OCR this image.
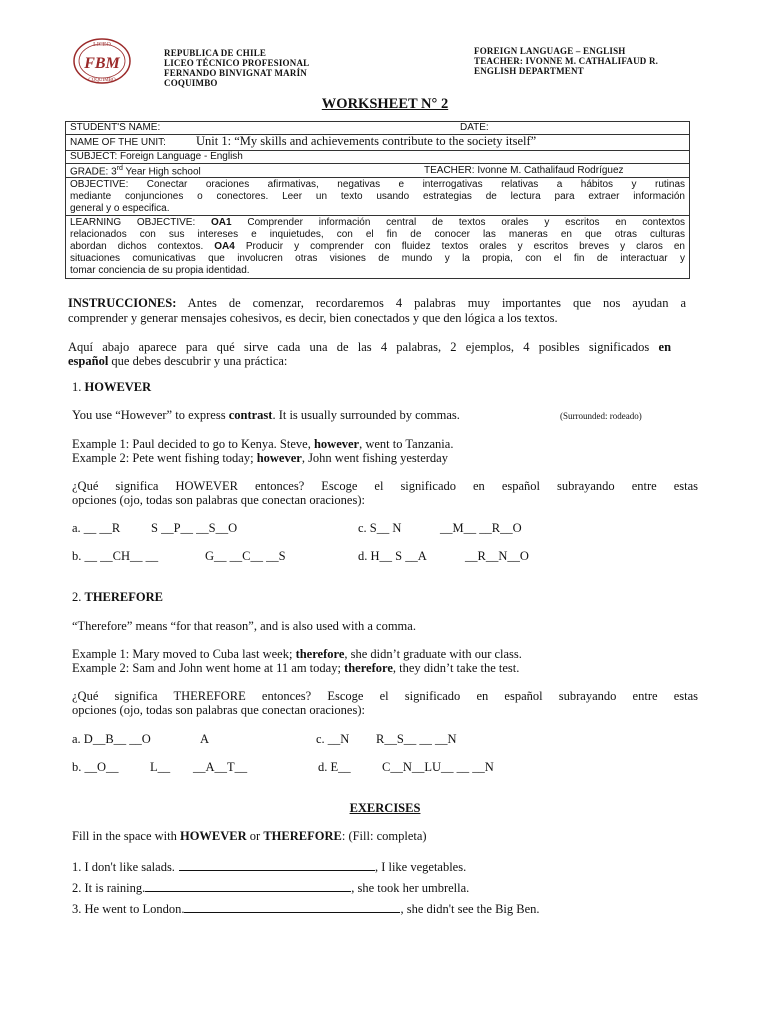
LICEO
FBM
COQUIMBO
REPUBLICA DE CHILE
LICEO TÉCNICO PROFESIONAL
FERNANDO BINVIGNAT MARÍN
COQUIMBO
FOREIGN LANGUAGE – ENGLISH
TEACHER: IVONNE M. CATHALIFAUD R.
ENGLISH DEPARTMENT
WORKSHEET N° 2
STUDENT'S NAME:	DATE:
NAME OF THE UNIT: Unit 1: “My skills and achievements contribute to the society itself”
SUBJECT: Foreign Language - English
GRADE: 3rd Year High school	TEACHER: Ivonne M. Cathalifaud Rodríguez
OBJECTIVE: Conectar oraciones afirmativas, negativas e interrogativas relativas a hábitos y rutinas
mediante conjunciones o conectores. Leer un texto usando estrategias de lectura para extraer información
general y o especifica.
LEARNING OBJECTIVE: OA1 Comprender información central de textos orales y escritos en contextos
relacionados con sus intereses e inquietudes, con el fin de conocer las maneras en que otras culturas
abordan dichos contextos. OA4 Producir y comprender con fluidez textos orales y escritos breves y claros en
situaciones comunicativas que involucren otras visiones de mundo y la propia, con el fin de interactuar y
tomar conciencia de su propia identidad.
INSTRUCCIONES: Antes de comenzar, recordaremos 4 palabras muy importantes que nos ayudan a
comprender y generar mensajes cohesivos, es decir, bien conectados y que den lógica a los textos.
Aquí abajo aparece para qué sirve cada una de las 4 palabras, 2 ejemplos, 4 posibles significados en
español que debes descubrir y una práctica:
1. HOWEVER
You use “However” to express contrast. It is usually surrounded by commas.	(Surrounded: rodeado)
Example 1: Paul decided to go to Kenya. Steve, however, went to Tanzania.
Example 2: Pete went fishing today; however, John went fishing yesterday
¿Qué significa HOWEVER entonces? Escoge el significado en español subrayando entre estas
opciones (ojo, todas son palabras que conectan oraciones):
a. __ __R S __P__ __S__O	c. S__ N	__M__ __R__O
b. __ __CH__ __	G__ __C__ __S	d. H__ S __A	__R__N__O
2. THEREFORE
“Therefore” means “for that reason”, and is also used with a comma.
Example 1: Mary moved to Cuba last week; therefore, she didn’t graduate with our class.
Example 2: Sam and John went home at 11 am today; therefore, they didn’t take the test.
¿Qué significa THEREFORE entonces? Escoge el significado en español subrayando entre estas
opciones (ojo, todas son palabras que conectan oraciones):
a. D__B__ __O	A	c. __N R__S__ __ __N
b. __O__	L__ __A__T__	d. E__	C__N__LU__ __ __N
EXERCISES
Fill in the space with HOWEVER or THEREFORE: (Fill: completa)
1. I don't like salads.	, I like vegetables.
2. It is raining.	, she took her umbrella.
3. He went to London.	, she didn't see the Big Ben.
